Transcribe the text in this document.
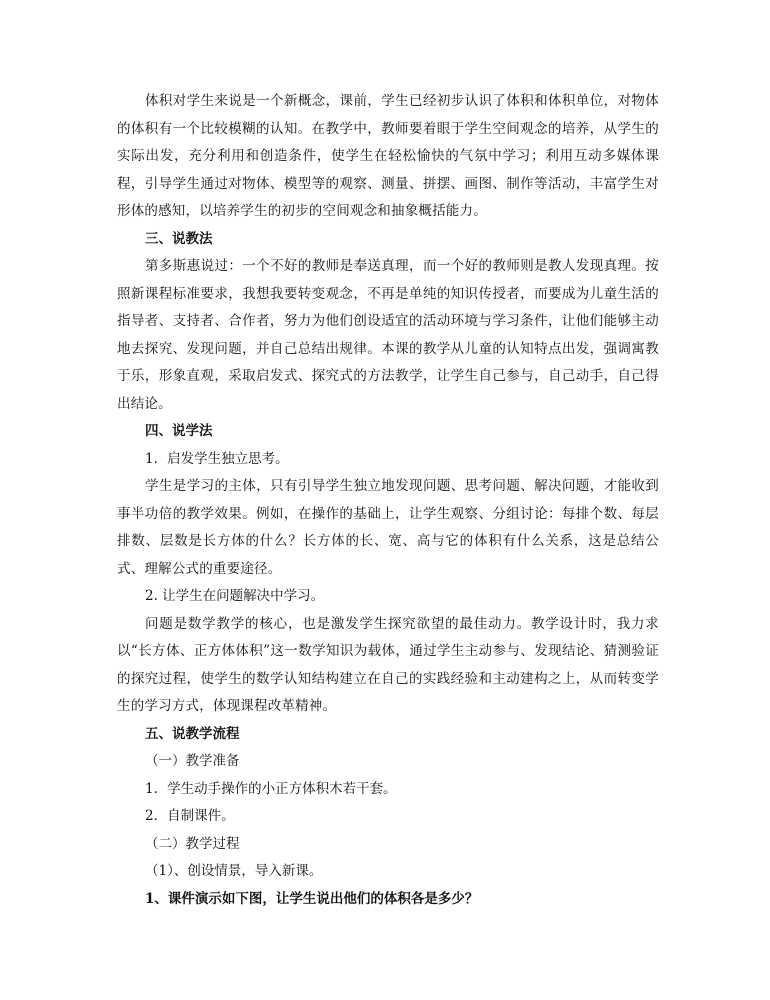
体积对学生来说是一个新概念，课前，学生已经初步认识了体积和体积单位，对物体的体积有一个比较模糊的认知。在教学中，教师要着眼于学生空间观念的培养，从学生的实际出发，充分利用和创造条件，使学生在轻松愉快的气氛中学习；利用互动多媒体课程，引导学生通过对物体、模型等的观察、测量、拼摆、画图、制作等活动，丰富学生对形体的感知，以培养学生的初步的空间观念和抽象概括能力。

三、说教法

第多斯惠说过：一个不好的教师是奉送真理，而一个好的教师则是教人发现真理。按照新课程标准要求，我想我要转变观念，不再是单纯的知识传授者，而要成为儿童生活的指导者、支持者、合作者，努力为他们创设适宜的活动环境与学习条件，让他们能够主动地去探究、发现问题，并自己总结出规律。本课的教学从儿童的认知特点出发，强调寓教于乐，形象直观，采取启发式、探究式的方法教学，让学生自己参与，自己动手，自己得出结论。

四、说学法

1．启发学生独立思考。

学生是学习的主体，只有引导学生独立地发现问题、思考问题、解决问题，才能收到事半功倍的教学效果。例如，在操作的基础上，让学生观察、分组讨论：每排个数、每层排数、层数是长方体的什么？长方体的长、宽、高与它的体积有什么关系，这是总结公式、理解公式的重要途径。

2. 让学生在问题解决中学习。

问题是数学教学的核心，也是激发学生探究欲望的最佳动力。教学设计时，我力求以“长方体、正方体体积”这一数学知识为载体，通过学生主动参与、发现结论、猜测验证的探究过程，使学生的数学认知结构建立在自己的实践经验和主动建构之上，从而转变学生的学习方式，体现课程改革精神。

五、说教学流程

（一）教学准备

1．学生动手操作的小正方体积木若干套。

2．自制课件。

（二）教学过程

（1）、创设情景，导入新课。

1、课件演示如下图，让学生说出他们的体积各是多少？
